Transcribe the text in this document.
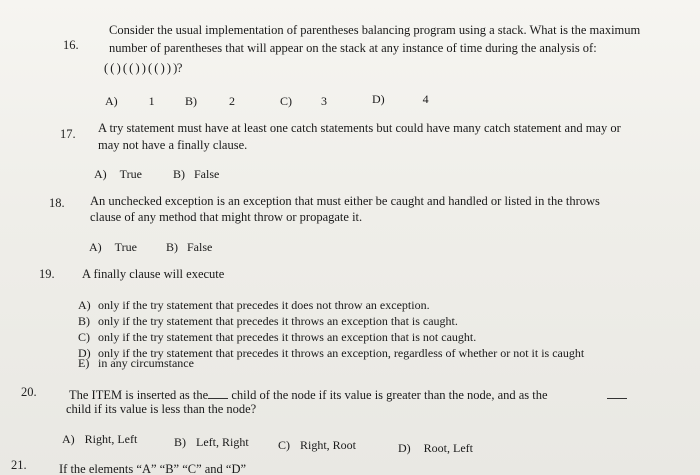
16.
Consider the usual implementation of parentheses balancing program using a stack. What is the maximum
number of parentheses that will appear on the stack at any instance of time during the analysis of:
( ( ) ( ( ) ) ( ( ) ) )?
A)	1	B)	2	C) 3	D)	4
17. A try statement must have at least one catch statements but could have many catch statement and may or
may not have a finally clause.
A) True	B) False
18. An unchecked exception is an exception that must either be caught and handled or listed in the throws
clause of any method that might throw or propagate it.
A) True B) False
19. A finally clause will execute
A) only if the try statement that precedes it does not throw an exception.
B) only if the try statement that precedes it throws an exception that is caught.
C) only if the try statement that precedes it throws an exception that is not caught.
D) only if the try statement that precedes it throws an exception, regardless of whether or not it is caught
E) in any circumstance
20.	The ITEM is inserted as the child of the node if its value is greater than the node, and as the
child if its value is less than the node?
A) Right, Left	B) Left, Right C) Right, Root	D) Root, Left
21.	If the elements “A” “B” “C” and “D”
